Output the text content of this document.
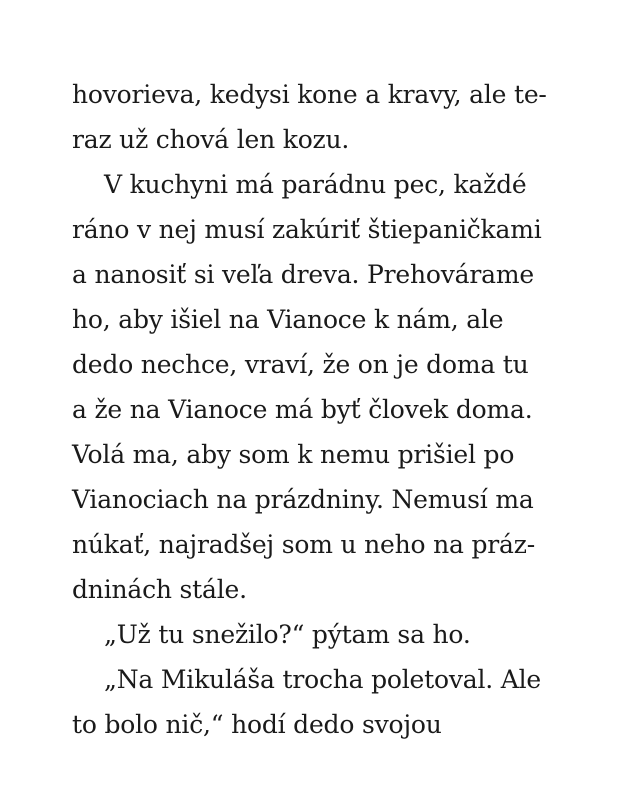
hovorieva, kedysi kone a kravy, ale te-
raz už chová len kozu.
V kuchyni má parádnu pec, každé
ráno v nej musí zakúriť štiepaničkami
a nanosiť si veľa dreva. Prehovárame
ho, aby išiel na Vianoce k nám, ale
dedo nechce, vraví, že on je doma tu
a že na Vianoce má byť človek doma.
Volá ma, aby som k nemu prišiel po
Vianociach na prázdniny. Nemusí ma
núkať, najradšej som u neho na práz-
dninách stále.
„Už tu snežilo?“ pýtam sa ho.
„Na Mikuláša trocha poletoval. Ale
to bolo nič,“ hodí dedo svojou
